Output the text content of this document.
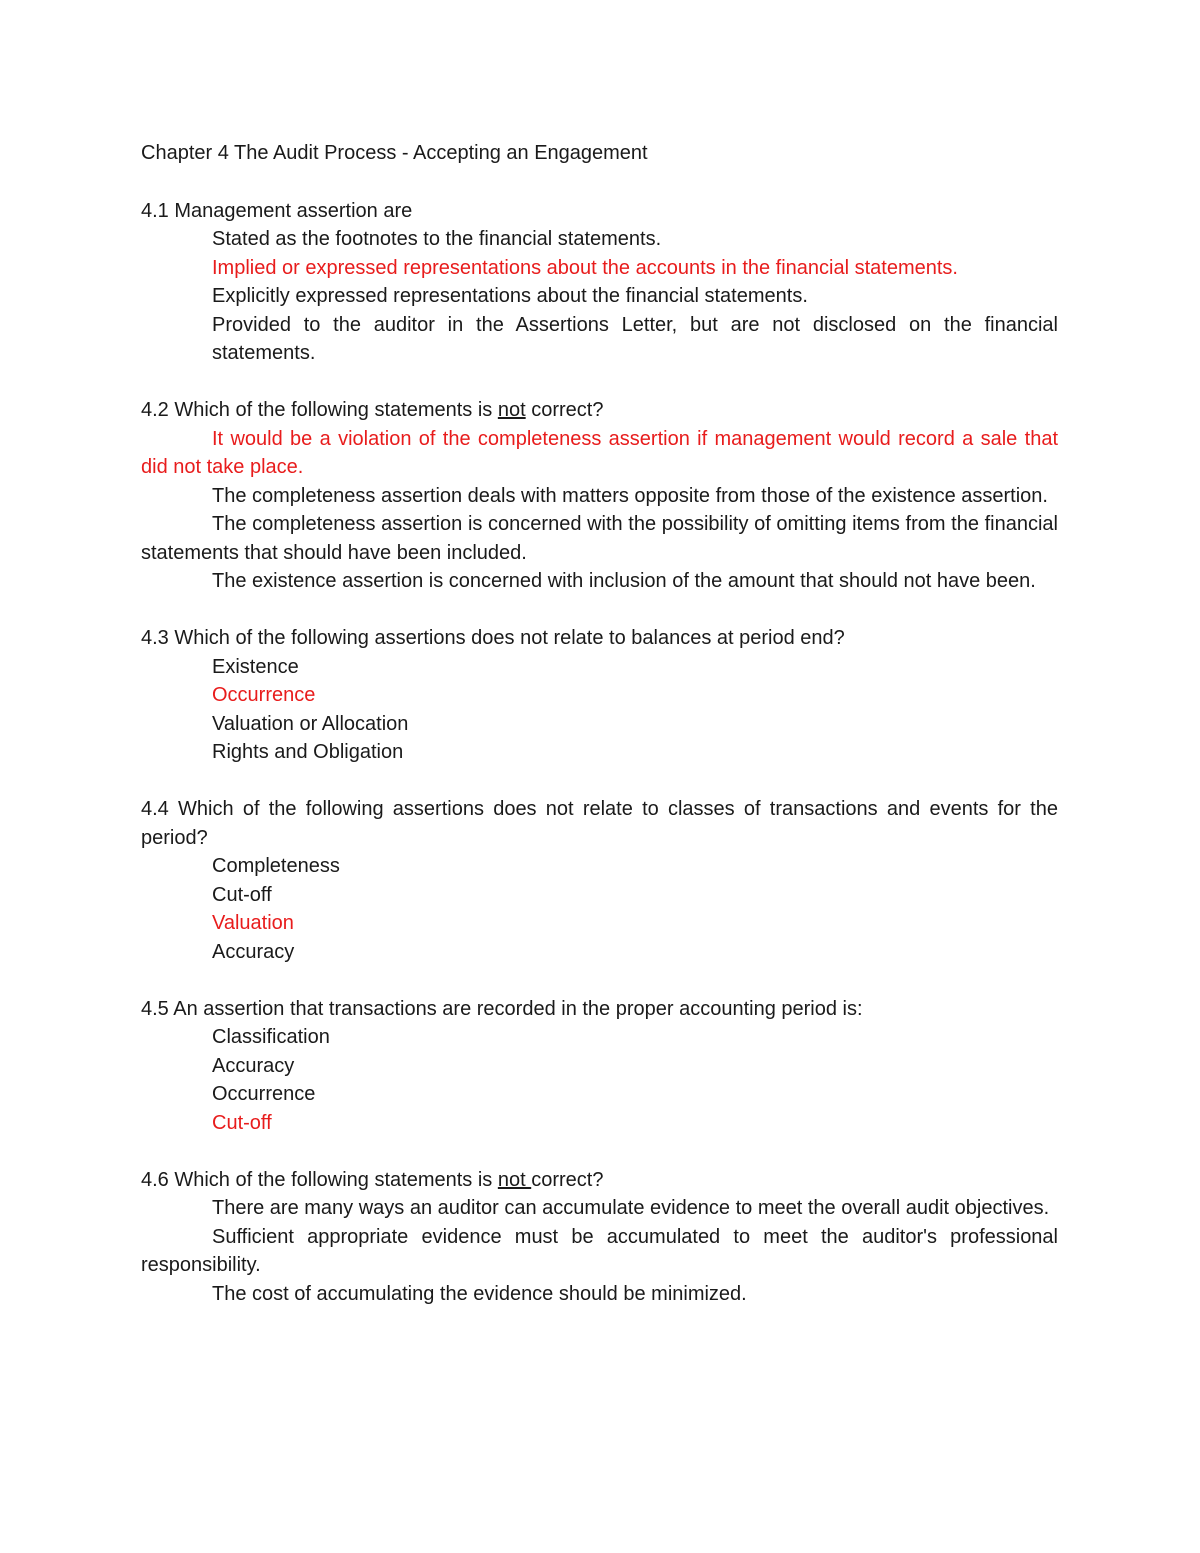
Chapter 4 The Audit Process - Accepting an Engagement
4.1 Management assertion are
Stated as the footnotes to the financial statements.
Implied or expressed representations about the accounts in the financial statements.
Explicitly expressed representations about the financial statements.
Provided to the auditor in the Assertions Letter, but are not disclosed on the financial statements.
4.2 Which of the following statements is not correct?
It would be a violation of the completeness assertion if management would record a sale that did not take place.
The completeness assertion deals with matters opposite from those of the existence assertion.
The completeness assertion is concerned with the possibility of omitting items from the financial statements that should have been included.
The existence assertion is concerned with inclusion of the amount that should not have been.
4.3 Which of the following assertions does not relate to balances at period end?
Existence
Occurrence
Valuation or Allocation
Rights and Obligation
4.4 Which of the following assertions does not relate to classes of transactions and events for the period?
Completeness
Cut-off
Valuation
Accuracy
4.5 An assertion that transactions are recorded in the proper accounting period is:
Classification
Accuracy
Occurrence
Cut-off
4.6 Which of the following statements is not correct?
There are many ways an auditor can accumulate evidence to meet the overall audit objectives.
Sufficient appropriate evidence must be accumulated to meet the auditor's professional responsibility.
The cost of accumulating the evidence should be minimized.
